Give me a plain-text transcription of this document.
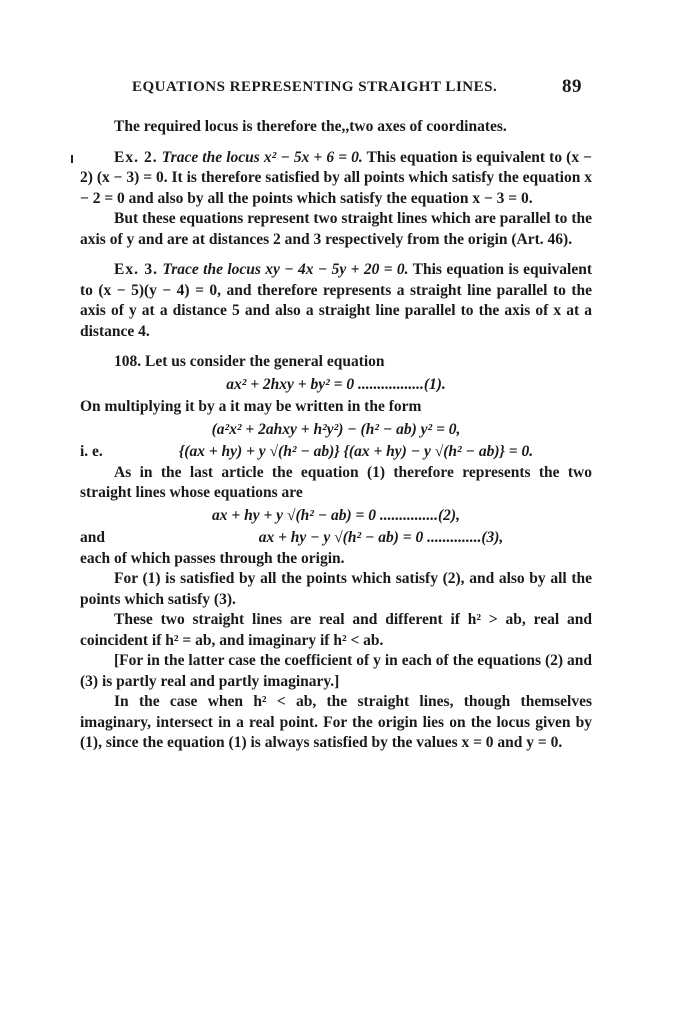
EQUATIONS REPRESENTING STRAIGHT LINES.	89

The required locus is therefore the,,two axes of coordinates.

Ex. 2. Trace the locus x² − 5x + 6 = 0. This equation is equivalent to (x − 2) (x − 3) = 0. It is therefore satisfied by all points which satisfy the equation x − 2 = 0 and also by all the points which satisfy the equation x − 3 = 0.

But these equations represent two straight lines which are parallel to the axis of y and are at distances 2 and 3 respectively from the origin (Art. 46).

Ex. 3. Trace the locus xy − 4x − 5y + 20 = 0. This equation is equivalent to (x − 5)(y − 4) = 0, and therefore represents a straight line parallel to the axis of y at a distance 5 and also a straight line parallel to the axis of x at a distance 4.

108. Let us consider the general equation

ax² + 2hxy + by² = 0 .................(1).

On multiplying it by a it may be written in the form

(a²x² + 2ahxy + h²y²) − (h² − ab) y² = 0,

i. e.	{(ax + hy) + y √(h² − ab)} {(ax + hy) − y √(h² − ab)} = 0.

As in the last article the equation (1) therefore represents the two straight lines whose equations are

ax + hy + y √(h² − ab) = 0 ...............(2),

and	ax + hy − y √(h² − ab) = 0 ..............(3),

each of which passes through the origin.

For (1) is satisfied by all the points which satisfy (2), and also by all the points which satisfy (3).

These two straight lines are real and different if h² > ab, real and coincident if h² = ab, and imaginary if h² < ab.

[For in the latter case the coefficient of y in each of the equations (2) and (3) is partly real and partly imaginary.]

In the case when h² < ab, the straight lines, though themselves imaginary, intersect in a real point. For the origin lies on the locus given by (1), since the equation (1) is always satisfied by the values x = 0 and y = 0.
